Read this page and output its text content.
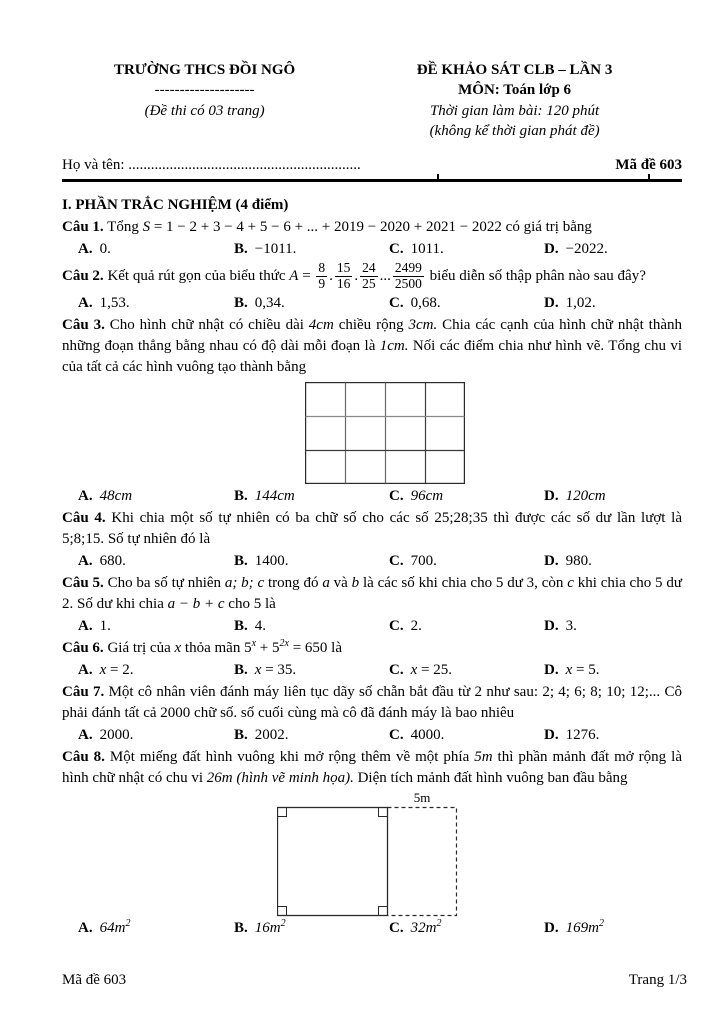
TRƯỜNG THCS ĐỒI NGÔ
--------------------
(Đề thi có 03 trang)
ĐỀ KHẢO SÁT CLB – LẦN 3
MÔN: Toán lớp 6
Thời gian làm bài: 120 phút
(không kể thời gian phát đề)
Họ và tên: ..............................................................	Mã đề 603
I. PHẦN TRẮC NGHIỆM (4 điểm)
Câu 1. Tổng S = 1 − 2 + 3 − 4 + 5 − 6 + ... + 2019 − 2020 + 2021 − 2022 có giá trị bằng
A. 0.	B. −1011.	C. 1011.	D. −2022.
Câu 2. Kết quả rút gọn của biểu thức $A = \frac{8}{9}$ . $\frac{15}{16}$ . $\frac{24}{25}$ ... $\frac{2499}{2500}$ biểu diễn số thập phân nào sau đây?
A. 1,53.	B. 0,34.	C. 0,68.	D. 1,02.
Câu 3. Cho hình chữ nhật có chiều dài 4cm chiều rộng 3cm. Chia các cạnh của hình chữ nhật thành những đoạn thẳng bằng nhau có độ dài mỗi đoạn là 1cm. Nối các điểm chia như hình vẽ. Tổng chu vi của tất cả các hình vuông tạo thành bằng
A. 48cm	B. 144cm	C. 96cm	D. 120cm
Câu 4. Khi chia một số tự nhiên có ba chữ số cho các số 25;28;35 thì được các số dư lần lượt là 5;8;15. Số tự nhiên đó là
A. 680.	B. 1400.	C. 700.	D. 980.
Câu 5. Cho ba số tự nhiên a; b; c trong đó a và b là các số khi chia cho 5 dư 3, còn c khi chia cho 5 dư 2. Số dư khi chia a − b + c cho 5 là
A. 1.	B. 4.	C. 2.	D. 3.
Câu 6. Giá trị của x thỏa mãn $5^x + 5^{2x} = 650$ là
A. x = 2.	B. x = 35.	C. x = 25.	D. x = 5.
Câu 7. Một cô nhân viên đánh máy liên tục dãy số chẵn bắt đầu từ 2 như sau: 2; 4; 6; 8; 10; 12;... Cô phải đánh tất cả 2000 chữ số. số cuối cùng mà cô đã đánh máy là bao nhiêu
A. 2000.	B. 2002.	C. 4000.	D. 1276.
Câu 8. Một miếng đất hình vuông khi mở rộng thêm về một phía 5m thì phần mảnh đất mở rộng là hình chữ nhật có chu vi 26m (hình vẽ minh họa). Diện tích mảnh đất hình vuông ban đầu bằng
5m
A. $64m^2$	B. $16m^2$	C. $32m^2$	D. $169m^2$
Mã đề 603	Trang 1/3
